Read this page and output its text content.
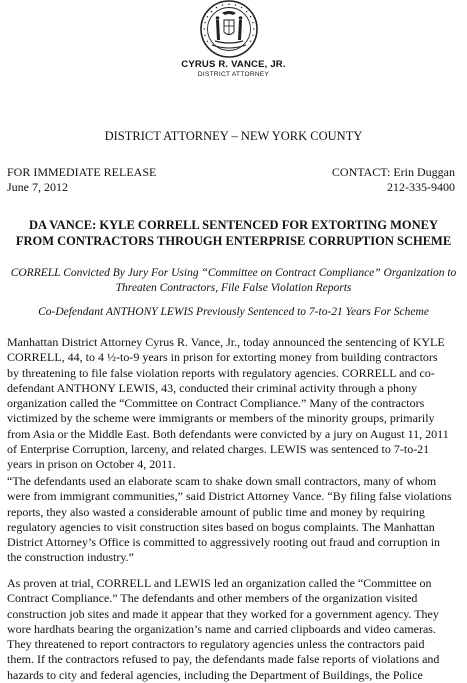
CYRUS R. VANCE, JR.
DISTRICT ATTORNEY
DISTRICT ATTORNEY – NEW YORK COUNTY
FOR IMMEDIATE RELEASE
June 7, 2012
CONTACT: Erin Duggan
212-335-9400
DA VANCE: KYLE CORRELL SENTENCED FOR EXTORTING MONEY
FROM CONTRACTORS THROUGH ENTERPRISE CORRUPTION SCHEME
CORRELL Convicted By Jury For Using “Committee on Contract Compliance” Organization to
Threaten Contractors, File False Violation Reports
Co-Defendant ANTHONY LEWIS Previously Sentenced to 7-to-21 Years For Scheme
Manhattan District Attorney Cyrus R. Vance, Jr., today announced the sentencing of KYLE
CORRELL, 44, to 4 ½-to-9 years in prison for extorting money from building contractors
by threatening to file false violation reports with regulatory agencies. CORRELL and co-
defendant ANTHONY LEWIS, 43, conducted their criminal activity through a phony
organization called the “Committee on Contract Compliance.” Many of the contractors
victimized by the scheme were immigrants or members of the minority groups, primarily
from Asia or the Middle East. Both defendants were convicted by a jury on August 11, 2011
of Enterprise Corruption, larceny, and related charges. LEWIS was sentenced to 7-to-21
years in prison on October 4, 2011.
“The defendants used an elaborate scam to shake down small contractors, many of whom
were from immigrant communities,” said District Attorney Vance. “By filing false violations
reports, they also wasted a considerable amount of public time and money by requiring
regulatory agencies to visit construction sites based on bogus complaints. The Manhattan
District Attorney’s Office is committed to aggressively rooting out fraud and corruption in
the construction industry.”
As proven at trial, CORRELL and LEWIS led an organization called the “Committee on
Contract Compliance.” The defendants and other members of the organization visited
construction job sites and made it appear that they worked for a government agency. They
wore hardhats bearing the organization’s name and carried clipboards and video cameras.
They threatened to report contractors to regulatory agencies unless the contractors paid
them. If the contractors refused to pay, the defendants made false reports of violations and
hazards to city and federal agencies, including the Department of Buildings, the Police
